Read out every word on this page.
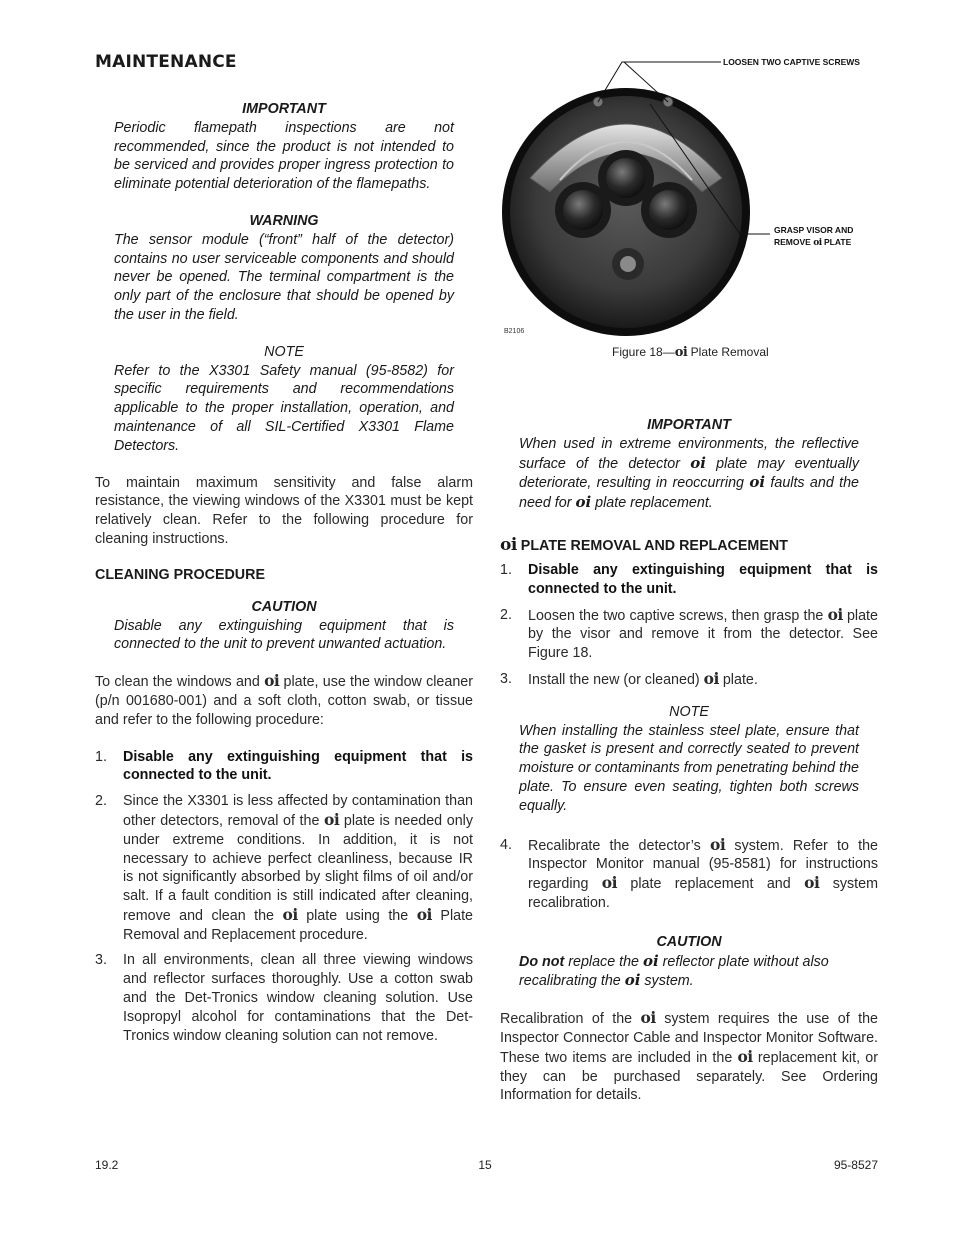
MAINTENANCE
IMPORTANT

Periodic flamepath inspections are not recommended, since the product is not intended to be serviced and provides proper ingress protection to eliminate potential deterioration of the flamepaths.

WARNING

The sensor module (“front” half of the detector) contains no user serviceable components and should never be opened. The terminal compartment is the only part of the enclosure that should be opened by the user in the field.

NOTE

Refer to the X3301 Safety manual (95-8582) for specific requirements and recommendations applicable to the proper installation, operation, and maintenance of all SIL-Certified X3301 Flame Detectors.

To maintain maximum sensitivity and false alarm resistance, the viewing windows of the X3301 must be kept relatively clean. Refer to the following procedure for cleaning instructions.

CLEANING PROCEDURE
CAUTION

Disable any extinguishing equipment that is connected to the unit to prevent unwanted actuation.

To clean the windows and oi plate, use the window cleaner (p/n 001680-001) and a soft cloth, cotton swab, or tissue and refer to the following procedure:

1. Disable any extinguishing equipment that is connected to the unit.
2. Since the X3301 is less affected by contamination than other detectors, removal of the oi plate is needed only under extreme conditions. In addition, it is not necessary to achieve perfect cleanliness, because IR is not significantly absorbed by slight films of oil and/or salt. If a fault condition is still indicated after cleaning, remove and clean the oi plate using the oi Plate Removal and Replacement procedure.
3. In all environments, clean all three viewing windows and reflector surfaces thoroughly. Use a cotton swab and the Det-Tronics window cleaning solution. Use Isopropyl alcohol for contaminations that the Det-Tronics window cleaning solution can not remove.
LOOSEN TWO CAPTIVE SCREWS
GRASP VISOR AND
REMOVE oi PLATE
B2106
Figure 18—oi Plate Removal
IMPORTANT

When used in extreme environments, the reflective surface of the detector oi plate may eventually deteriorate, resulting in reoccurring oi faults and the need for oi plate replacement.

oi PLATE REMOVAL AND REPLACEMENT
1. Disable any extinguishing equipment that is connected to the unit.
2. Loosen the two captive screws, then grasp the oi plate by the visor and remove it from the detector. See Figure 18.
3. Install the new (or cleaned) oi plate.
NOTE

When installing the stainless steel plate, ensure that the gasket is present and correctly seated to prevent moisture or contaminants from penetrating behind the plate. To ensure even seating, tighten both screws equally.

4. Recalibrate the detector’s oi system. Refer to the Inspector Monitor manual (95-8581) for instructions regarding oi plate replacement and oi system recalibration.
CAUTION

Do not replace the oi reflector plate without also recalibrating the oi system.

Recalibration of the oi system requires the use of the Inspector Connector Cable and Inspector Monitor Software. These two items are included in the oi replacement kit, or they can be purchased separately. See Ordering Information for details.

19.2	15	95-8527
